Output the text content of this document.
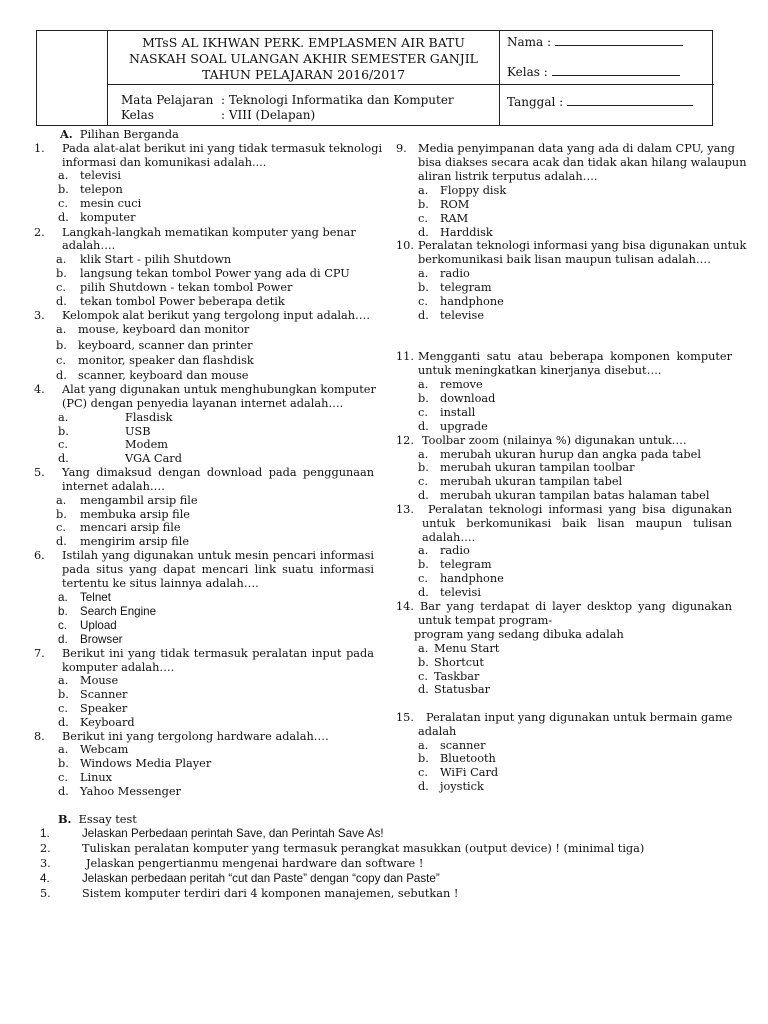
MTsS AL IKHWAN PERK. EMPLASMEN AIR BATU
NASKAH SOAL ULANGAN AKHIR SEMESTER GANJIL
TAHUN PELAJARAN 2016/2017
Mata Pelajaran : Teknologi Informatika dan Komputer
Kelas	: VIII (Delapan)
Nama :
Kelas :
Tanggal :
A. Pilihan Berganda
1. Pada alat-alat berikut ini yang tidak termasuk teknologi
informasi dan komunikasi adalah....
a. televisi
b. telepon
c. mesin cuci
d. komputer
2. Langkah-langkah mematikan komputer yang benar
adalah….
a. klik Start - pilih Shutdown
b. langsung tekan tombol Power yang ada di CPU
c. pilih Shutdown - tekan tombol Power
d. tekan tombol Power beberapa detik
3. Kelompok alat berikut yang tergolong input adalah….
a. mouse, keyboard dan monitor
b. keyboard, scanner dan printer
c. monitor, speaker dan flashdisk
d. scanner, keyboard dan mouse
4. Alat yang digunakan untuk menghubungkan komputer
(PC) dengan penyedia layanan internet adalah….
a.	Flasdisk
b.	USB
c.	Modem
d.	VGA Card
5. Yang dimaksud dengan download pada penggunaan
internet adalah….
a. mengambil arsip file
b. membuka arsip file
c. mencari arsip file
d. mengirim arsip file
6. Istilah yang digunakan untuk mesin pencari informasi
pada situs yang dapat mencari link suatu informasi
tertentu ke situs lainnya adalah….
a. Telnet
b. Search Engine
c. Upload
d. Browser
7. Berikut ini yang tidak termasuk peralatan input pada
komputer adalah….
a. Mouse
b. Scanner
c. Speaker
d. Keyboard
8. Berikut ini yang tergolong hardware adalah….
a. Webcam
b. Windows Media Player
c. Linux
d. Yahoo Messenger
9. Media penyimpanan data yang ada di dalam CPU, yang
bisa diakses secara acak dan tidak akan hilang walaupun
aliran listrik terputus adalah….
a. Floppy disk
b. ROM
c. RAM
d. Harddisk
10. Peralatan teknologi informasi yang bisa digunakan untuk
berkomunikasi baik lisan maupun tulisan adalah….
a. radio
b. telegram
c. handphone
d. televise
11. Mengganti satu atau beberapa komponen komputer
untuk meningkatkan kinerjanya disebut….
a. remove
b. download
c. install
d. upgrade
12. Toolbar zoom (nilainya %) digunakan untuk….
a. merubah ukuran hurup dan angka pada tabel
b. merubah ukuran tampilan toolbar
c. merubah ukuran tampilan tabel
d. merubah ukuran tampilan batas halaman tabel
13. Peralatan teknologi informasi yang bisa digunakan
untuk berkomunikasi baik lisan maupun tulisan
adalah….
a. radio
b. telegram
c. handphone
d. televisi
14. Bar yang terdapat di layer desktop yang digunakan
untuk tempat program-
program yang sedang dibuka adalah
a. Menu Start
b. Shortcut
c. Taskbar
d. Statusbar
15. Peralatan input yang digunakan untuk bermain game
adalah
a. scanner
b. Bluetooth
c. WiFi Card
d. joystick
B. Essay test
1.	Jelaskan Perbedaan perintah Save, dan Perintah Save As!
2.	Tuliskan peralatan komputer yang termasuk perangkat masukkan (output device) ! (minimal tiga)
3.	Jelaskan pengertianmu mengenai hardware dan software !
4.	Jelaskan perbedaan peritah “cut dan Paste” dengan “copy dan Paste”
5.	Sistem komputer terdiri dari 4 komponen manajemen, sebutkan !
